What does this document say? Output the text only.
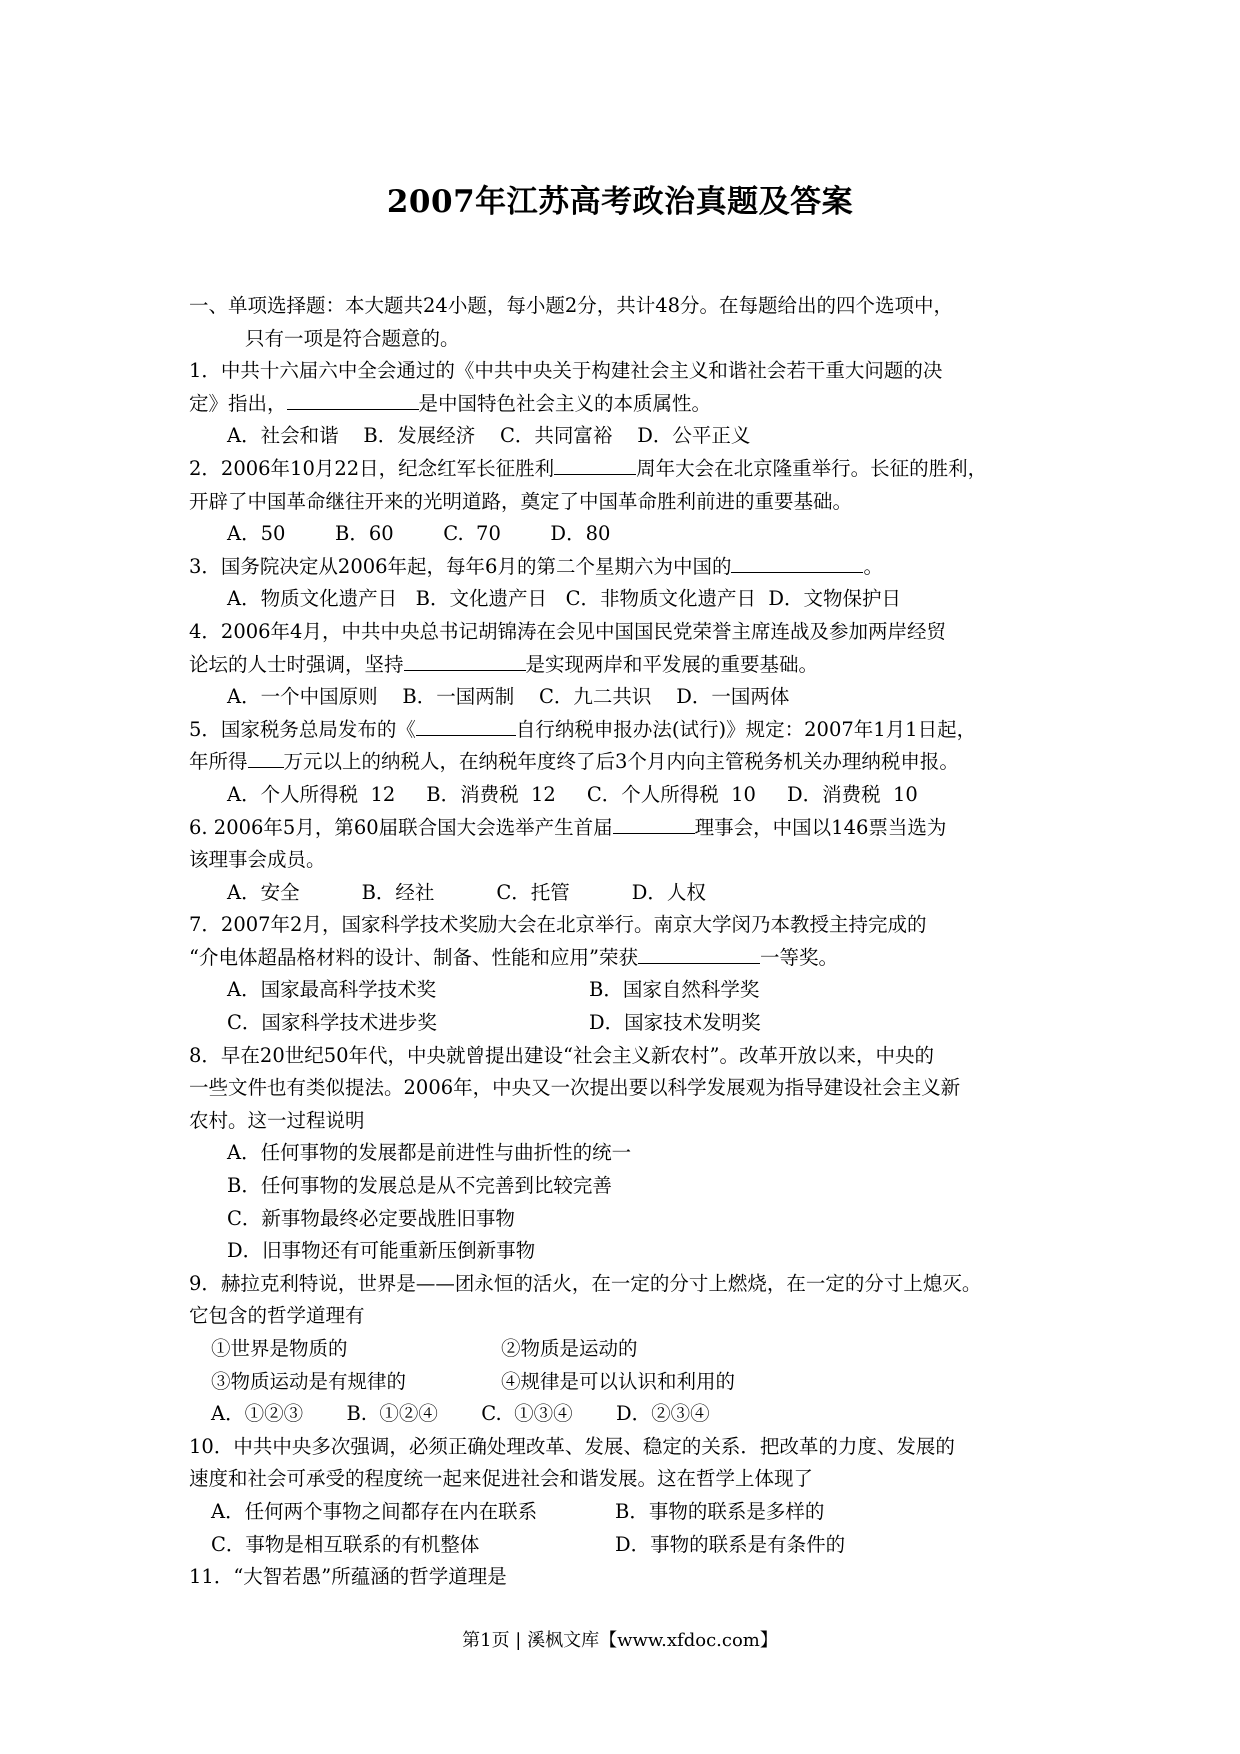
2007年江苏高考政治真题及答案
一、单项选择题：本大题共24小题，每小题2分，共计48分。在每题给出的四个选项中，
只有一项是符合题意的。
1．中共十六届六中全会通过的《中共中央关于构建社会主义和谐社会若干重大问题的决
定》指出，	是中国特色社会主义的本质属性。
A．社会和谐    B．发展经济    C．共同富裕    D．公平正义
2．2006年10月22日，纪念红军长征胜利	周年大会在北京隆重举行。长征的胜利，
开辟了中国革命继往开来的光明道路，奠定了中国革命胜利前进的重要基础。
A．50        B．60        C.  70        D．80
3．国务院决定从2006年起，每年6月的第二个星期六为中国的	。
A．物质文化遗产日   B．文化遗产日   C．非物质文化遗产日  D．文物保护日
4．2006年4月，中共中央总书记胡锦涛在会见中国国民党荣誉主席连战及参加两岸经贸
论坛的人士时强调，坚持	是实现两岸和平发展的重要基础。
A．一个中国原则    B．一国两制    C．九二共识    D．一国两体
5．国家税务总局发布的《	自行纳税申报办法(试行)》规定：2007年1月1日起，
年所得 万元以上的纳税人，在纳税年度终了后3个月内向主管税务机关办理纳税申报。
A．个人所得税  12     B．消费税  12     C．个人所得税  10     D．消费税  10
6. 2006年5月，第60届联合国大会选举产生首届	理事会，中国以146票当选为
该理事会成员。
A．安全          B．经社          C．托管          D．人权
7．2007年2月，国家科学技术奖励大会在北京举行。南京大学闵乃本教授主持完成的
“介电体超晶格材料的设计、制备、性能和应用”荣获	一等奖。
A．国家最高科学技术奖	B．国家自然科学奖
C．国家科学技术进步奖	D．国家技术发明奖
8．早在20世纪50年代，中央就曾提出建设“社会主义新农村”。改革开放以来，中央的
一些文件也有类似提法。2006年，中央又一次提出要以科学发展观为指导建设社会主义新
农村。这一过程说明
A．任何事物的发展都是前进性与曲折性的统一
B．任何事物的发展总是从不完善到比较完善
C．新事物最终必定要战胜旧事物
D．旧事物还有可能重新压倒新事物
9．赫拉克利特说，世界是——团永恒的活火，在一定的分寸上燃烧，在一定的分寸上熄灭。
它包含的哲学道理有
①世界是物质的	②物质是运动的
③物质运动是有规律的	④规律是可以认识和利用的
A．①②③       B.  ①②④       C.  ①③④       D．②③④
10．中共中央多次强调，必须正确处理改革、发展、稳定的关系．把改革的力度、发展的
速度和社会可承受的程度统一起来促进社会和谐发展。这在哲学上体现了
A．任何两个事物之间都存在内在联系	B．事物的联系是多样的
C．事物是相互联系的有机整体	D．事物的联系是有条件的
11．“大智若愚”所蕴涵的哲学道理是
第1页 | 溪枫文库【www.xfdoc.com】
